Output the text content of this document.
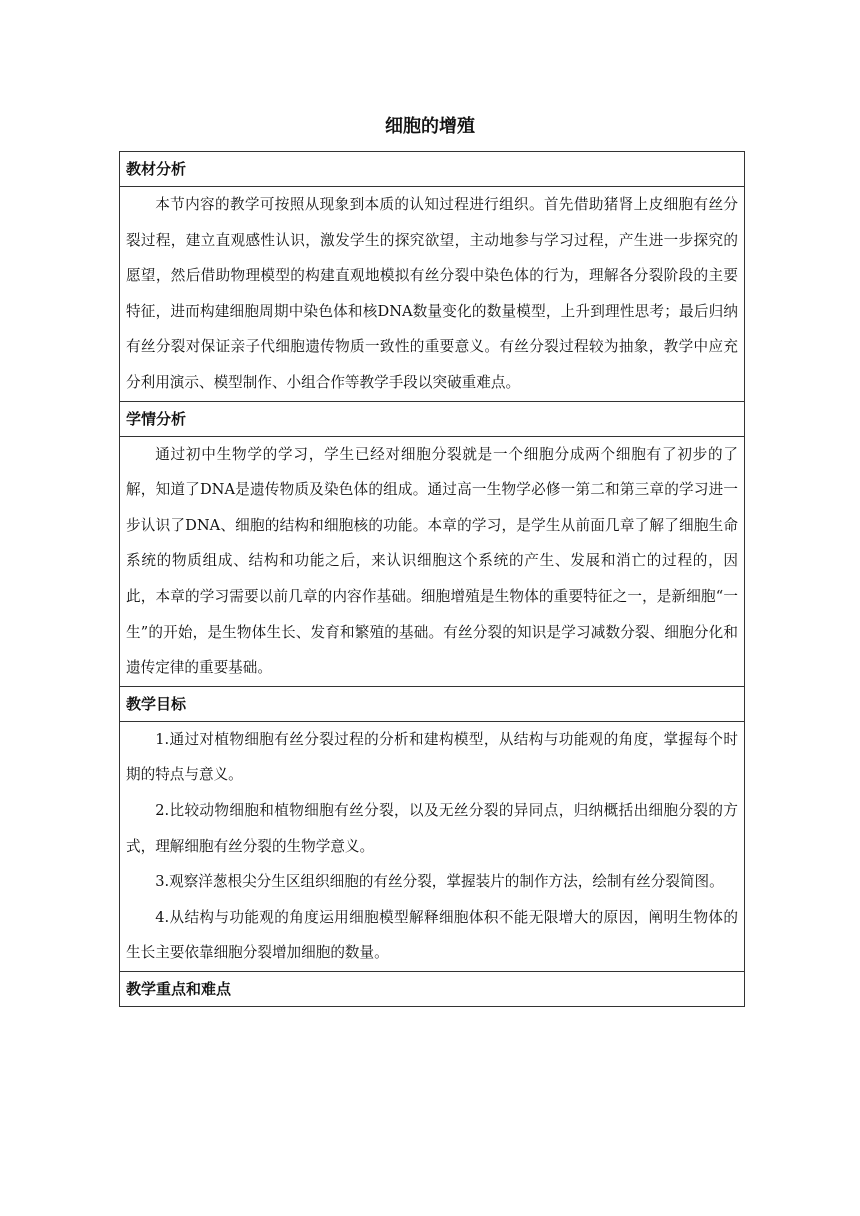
细胞的增殖
教材分析

本节内容的教学可按照从现象到本质的认知过程进行组织。首先借助猪肾上皮细胞有丝分裂过程，建立直观感性认识，激发学生的探究欲望，主动地参与学习过程，产生进一步探究的愿望，然后借助物理模型的构建直观地模拟有丝分裂中染色体的行为，理解各分裂阶段的主要特征，进而构建细胞周期中染色体和核DNA数量变化的数量模型，上升到理性思考；最后归纳有丝分裂对保证亲子代细胞遗传物质一致性的重要意义。有丝分裂过程较为抽象，教学中应充分利用演示、模型制作、小组合作等教学手段以突破重难点。

学情分析

通过初中生物学的学习，学生已经对细胞分裂就是一个细胞分成两个细胞有了初步的了解，知道了DNA是遗传物质及染色体的组成。通过高一生物学必修一第二和第三章的学习进一步认识了DNA、细胞的结构和细胞核的功能。本章的学习，是学生从前面几章了解了细胞生命系统的物质组成、结构和功能之后，来认识细胞这个系统的产生、发展和消亡的过程的，因此，本章的学习需要以前几章的内容作基础。细胞增殖是生物体的重要特征之一，是新细胞“一生”的开始，是生物体生长、发育和繁殖的基础。有丝分裂的知识是学习减数分裂、细胞分化和遗传定律的重要基础。

教学目标

1.通过对植物细胞有丝分裂过程的分析和建构模型，从结构与功能观的角度，掌握每个时期的特点与意义。

2.比较动物细胞和植物细胞有丝分裂，以及无丝分裂的异同点，归纳概括出细胞分裂的方式，理解细胞有丝分裂的生物学意义。

3.观察洋葱根尖分生区组织细胞的有丝分裂，掌握装片的制作方法，绘制有丝分裂简图。

4.从结构与功能观的角度运用细胞模型解释细胞体积不能无限增大的原因，阐明生物体的生长主要依靠细胞分裂增加细胞的数量。

教学重点和难点
